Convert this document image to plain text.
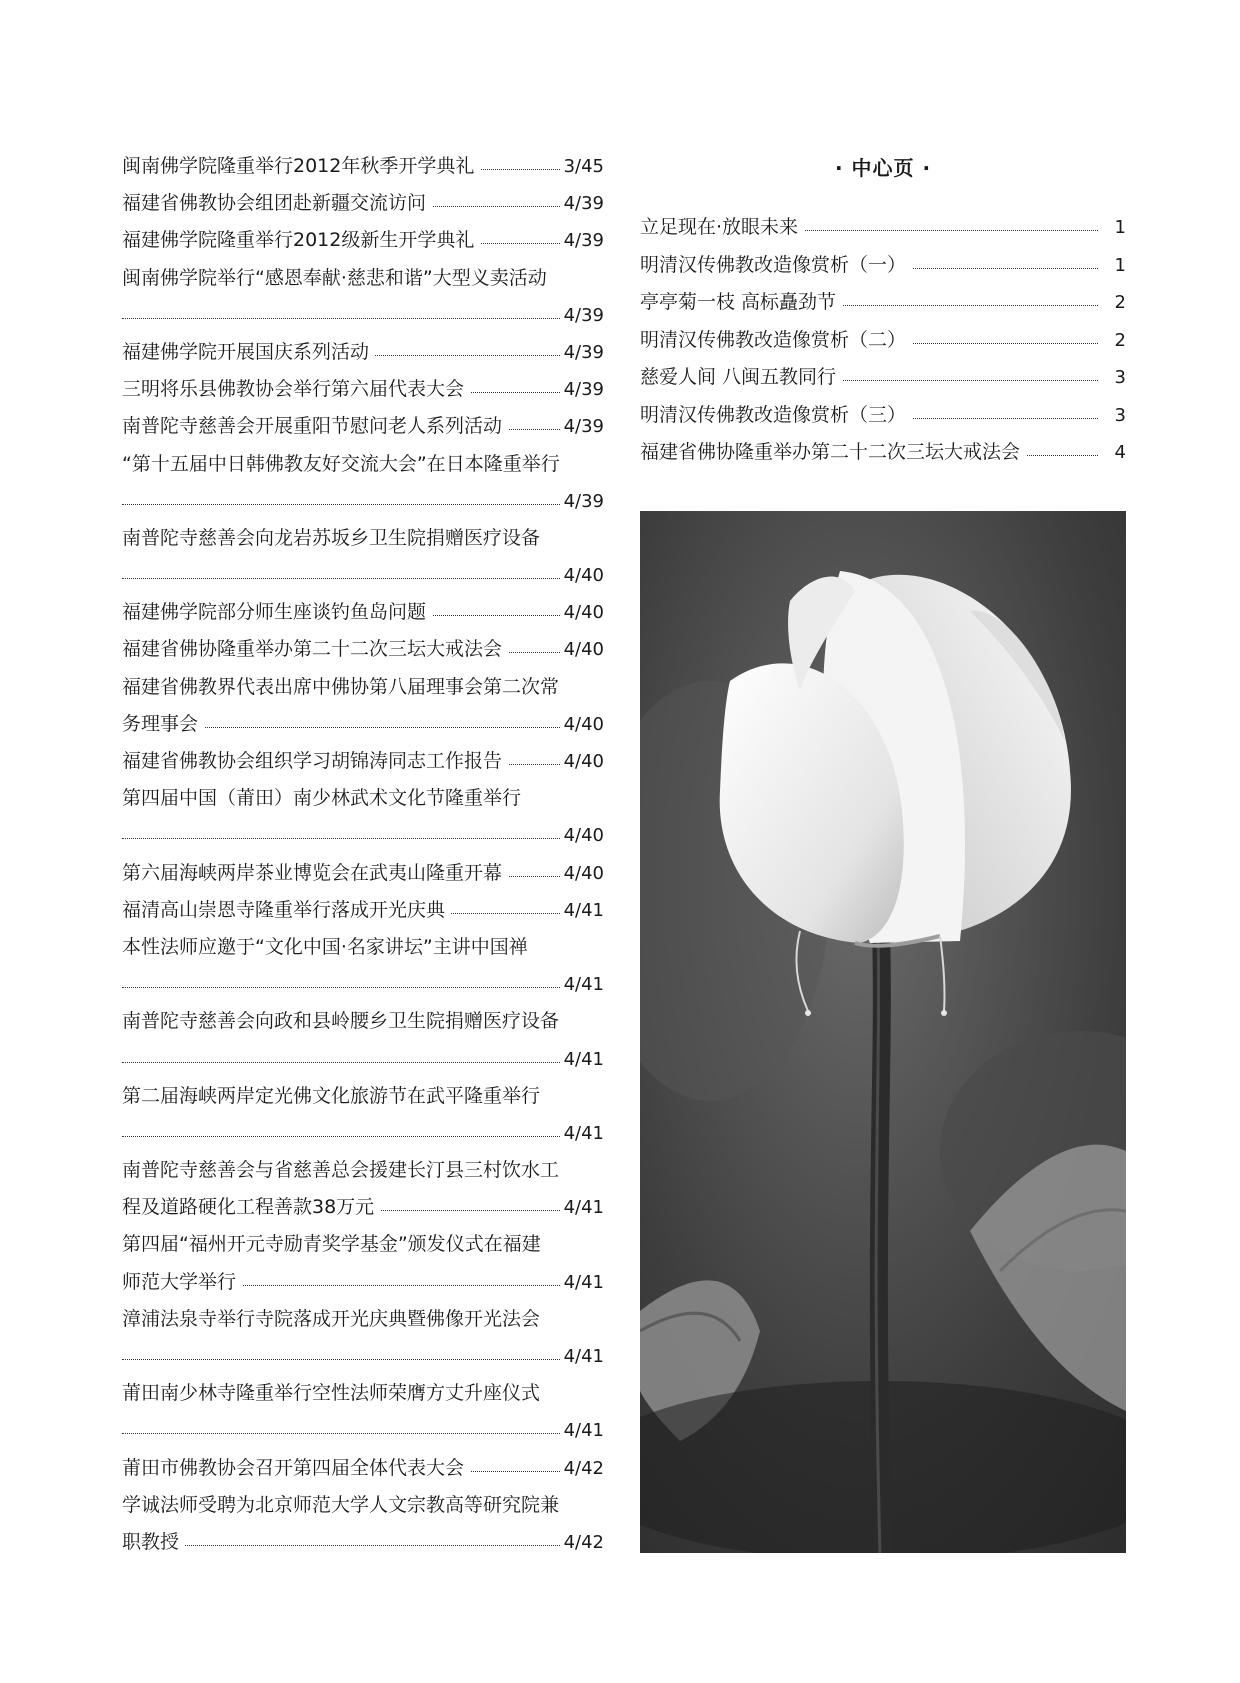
闽南佛学院隆重举行2012年秋季开学典礼	3/45
福建省佛教协会组团赴新疆交流访问	4/39
福建佛学院隆重举行2012级新生开学典礼	4/39
闽南佛学院举行“感恩奉献·慈悲和谐”大型义卖活动
4/39
福建佛学院开展国庆系列活动	4/39
三明将乐县佛教协会举行第六届代表大会	4/39
南普陀寺慈善会开展重阳节慰问老人系列活动	4/39
“第十五届中日韩佛教友好交流大会”在日本隆重举行
4/39
南普陀寺慈善会向龙岩苏坂乡卫生院捐赠医疗设备
4/40
福建佛学院部分师生座谈钓鱼岛问题	4/40
福建省佛协隆重举办第二十二次三坛大戒法会	4/40
福建省佛教界代表出席中佛协第八届理事会第二次常
务理事会	4/40
福建省佛教协会组织学习胡锦涛同志工作报告	4/40
第四届中国（莆田）南少林武术文化节隆重举行
4/40
第六届海峡两岸茶业博览会在武夷山隆重开幕	4/40
福清高山崇恩寺隆重举行落成开光庆典	4/41
本性法师应邀于“文化中国·名家讲坛”主讲中国禅
4/41
南普陀寺慈善会向政和县岭腰乡卫生院捐赠医疗设备
4/41
第二届海峡两岸定光佛文化旅游节在武平隆重举行
4/41
南普陀寺慈善会与省慈善总会援建长汀县三村饮水工
程及道路硬化工程善款38万元	4/41
第四届“福州开元寺励青奖学基金”颁发仪式在福建
师范大学举行	4/41
漳浦法泉寺举行寺院落成开光庆典暨佛像开光法会
4/41
莆田南少林寺隆重举行空性法师荣膺方丈升座仪式
4/41
莆田市佛教协会召开第四届全体代表大会	4/42
学诚法师受聘为北京师范大学人文宗教高等研究院兼
职教授	4/42
· 中心页 ·
立足现在·放眼未来	1
明清汉传佛教改造像赏析（一）	1
亭亭菊一枝 高标矗劲节	2
明清汉传佛教改造像赏析（二）	2
慈爱人间 八闽五教同行	3
明清汉传佛教改造像赏析（三）	3
福建省佛协隆重举办第二十二次三坛大戒法会	4
